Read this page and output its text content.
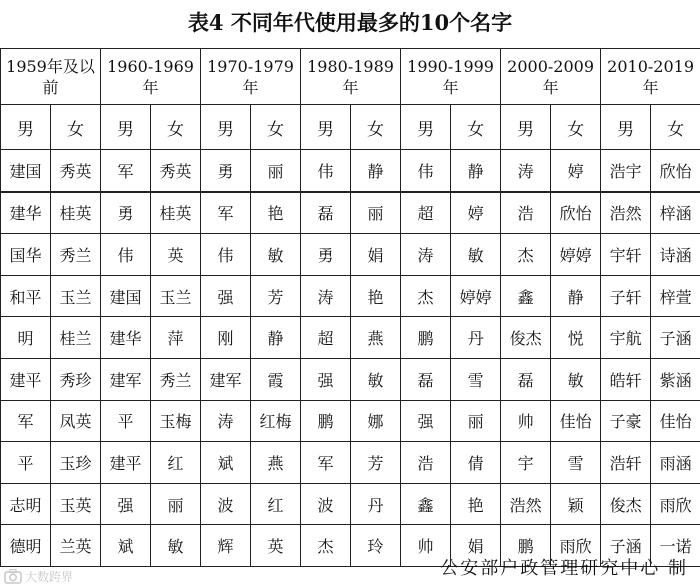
表4 不同年代使用最多的10个名字
1959年及以前		1960-1969年		1970-1979年		1980-1989年		1990-1999年		2000-2009年		2010-2019年	
男	女	男	女	男	女	男	女	男	女	男	女	男	女
建国	秀英	军	秀英	勇	丽	伟	静	伟	静	涛	婷	浩宇	欣怡
建华	桂英	勇	桂英	军	艳	磊	丽	超	婷	浩	欣怡	浩然	梓涵
国华	秀兰	伟	英	伟	敏	勇	娟	涛	敏	杰	婷婷	宇轩	诗涵
和平	玉兰	建国	玉兰	强	芳	涛	艳	杰	婷婷	鑫	静	子轩	梓萱
明	桂兰	建华	萍	刚	静	超	燕	鹏	丹	俊杰	悦	宇航	子涵
建平	秀珍	建军	秀兰	建军	霞	强	敏	磊	雪	磊	敏	皓轩	紫涵
军	凤英	平	玉梅	涛	红梅	鹏	娜	强	丽	帅	佳怡	子豪	佳怡
平	玉珍	建平	红	斌	燕	军	芳	浩	倩	宇	雪	浩轩	雨涵
志明	玉英	强	丽	波	红	波	丹	鑫	艳	浩然	颖	俊杰	雨欣
德明	兰英	斌	敏	辉	英	杰	玲	帅	娟	鹏	雨欣	子涵	一诺
大数跨界	公安部户政管理研究中心 制
